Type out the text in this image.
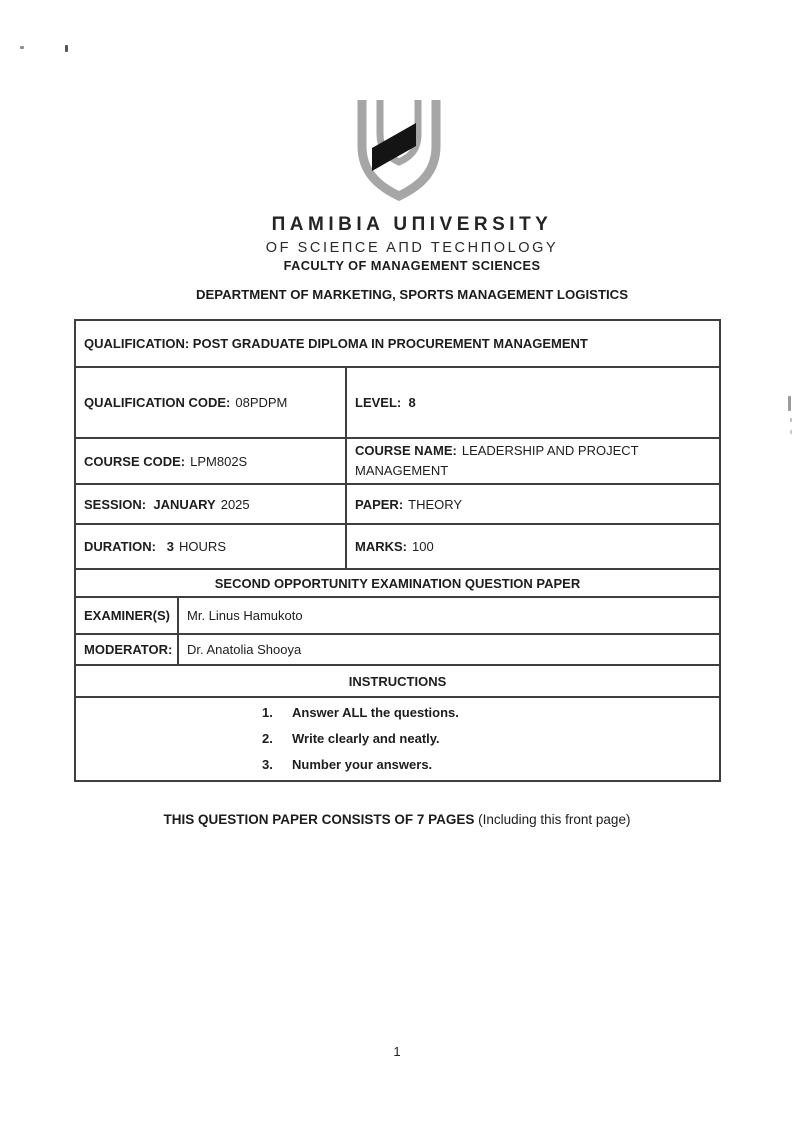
ПAMIBIA UПIVERSITY
OF SCIEПCE AПD TECHПOLOGY
FACULTY OF MANAGEMENT SCIENCES
DEPARTMENT OF MARKETING, SPORTS MANAGEMENT LOGISTICS
QUALIFICATION: POST GRADUATE DIPLOMA IN PROCUREMENT MANAGEMENT		
QUALIFICATION CODE: 08PDPM		LEVEL:  8
COURSE CODE: LPM802S		COURSE NAME: LEADERSHIP AND PROJECT MANAGEMENT
SESSION:  JANUARY 2025		PAPER: THEORY
DURATION:   3 HOURS		MARKS: 100
SECOND OPPORTUNITY EXAMINATION QUESTION PAPER		
EXAMINER(S)	Mr. Linus Hamukoto	
MODERATOR:	Dr. Anatolia Shooya	
INSTRUCTIONS		

1.	Answer ALL the questions.
2.	Write clearly and neatly.
3.	Number your answers.
THIS QUESTION PAPER CONSISTS OF 7 PAGES (Including this front page)
1
